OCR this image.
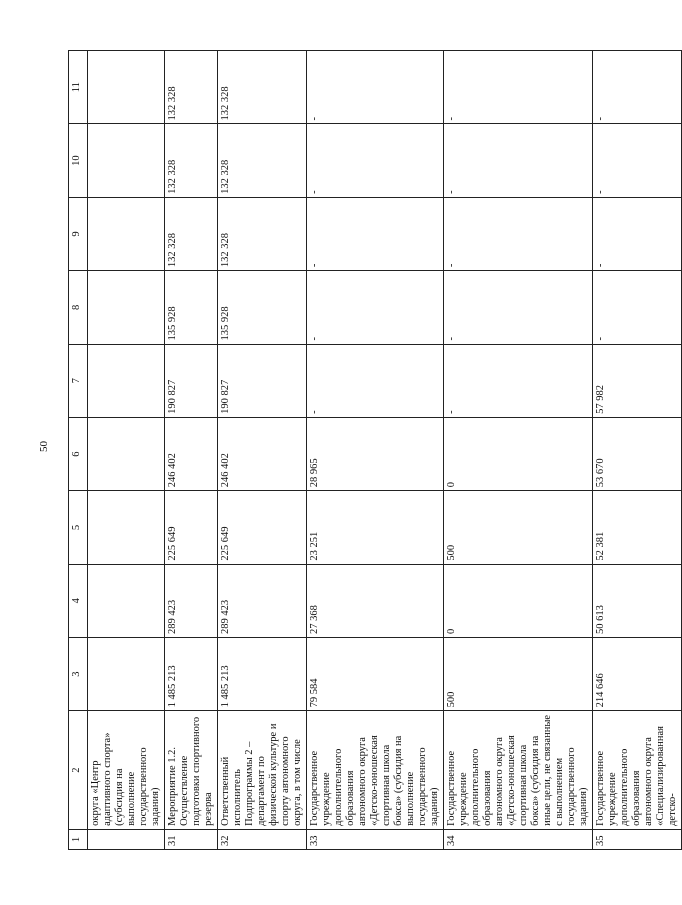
50
1	2	3	4	5	6	7	8	9	10	11
	округа «Центр адаптивного спорта» (субсидия на выполнение государственного задания)									
31	Мероприятие 1.2. Осуществление подготовки спортивного резерва	1 485 213	289 423	225 649	246 402	190 827	135 928	132 328	132 328	132 328
32	Ответственный исполнитель Подпрограммы 2 – департамент по физической культуре и спорту автономного округа, в том числе	1 485 213	289 423	225 649	246 402	190 827	135 928	132 328	132 328	132 328
33	Государственное учреждение дополнительного образования автономного округа «Детско-юношеская спортивная школа бокса» (субсидия на выполнение государственного задания)	79 584	27 368	23 251	28 965	-	-	-	-	-
34	Государственное учреждение дополнительного образования автономного округа «Детско-юношеская спортивная школа бокса» (субсидия на иные цели, не связанные с выполнением государственного задания)	500	0	500	0	-	-	-	-	-
35	Государственное учреждение дополнительного образования автономного округа «Специализированная детско-	214 646	50 613	52 381	53 670	57 982	-	-	-	-
